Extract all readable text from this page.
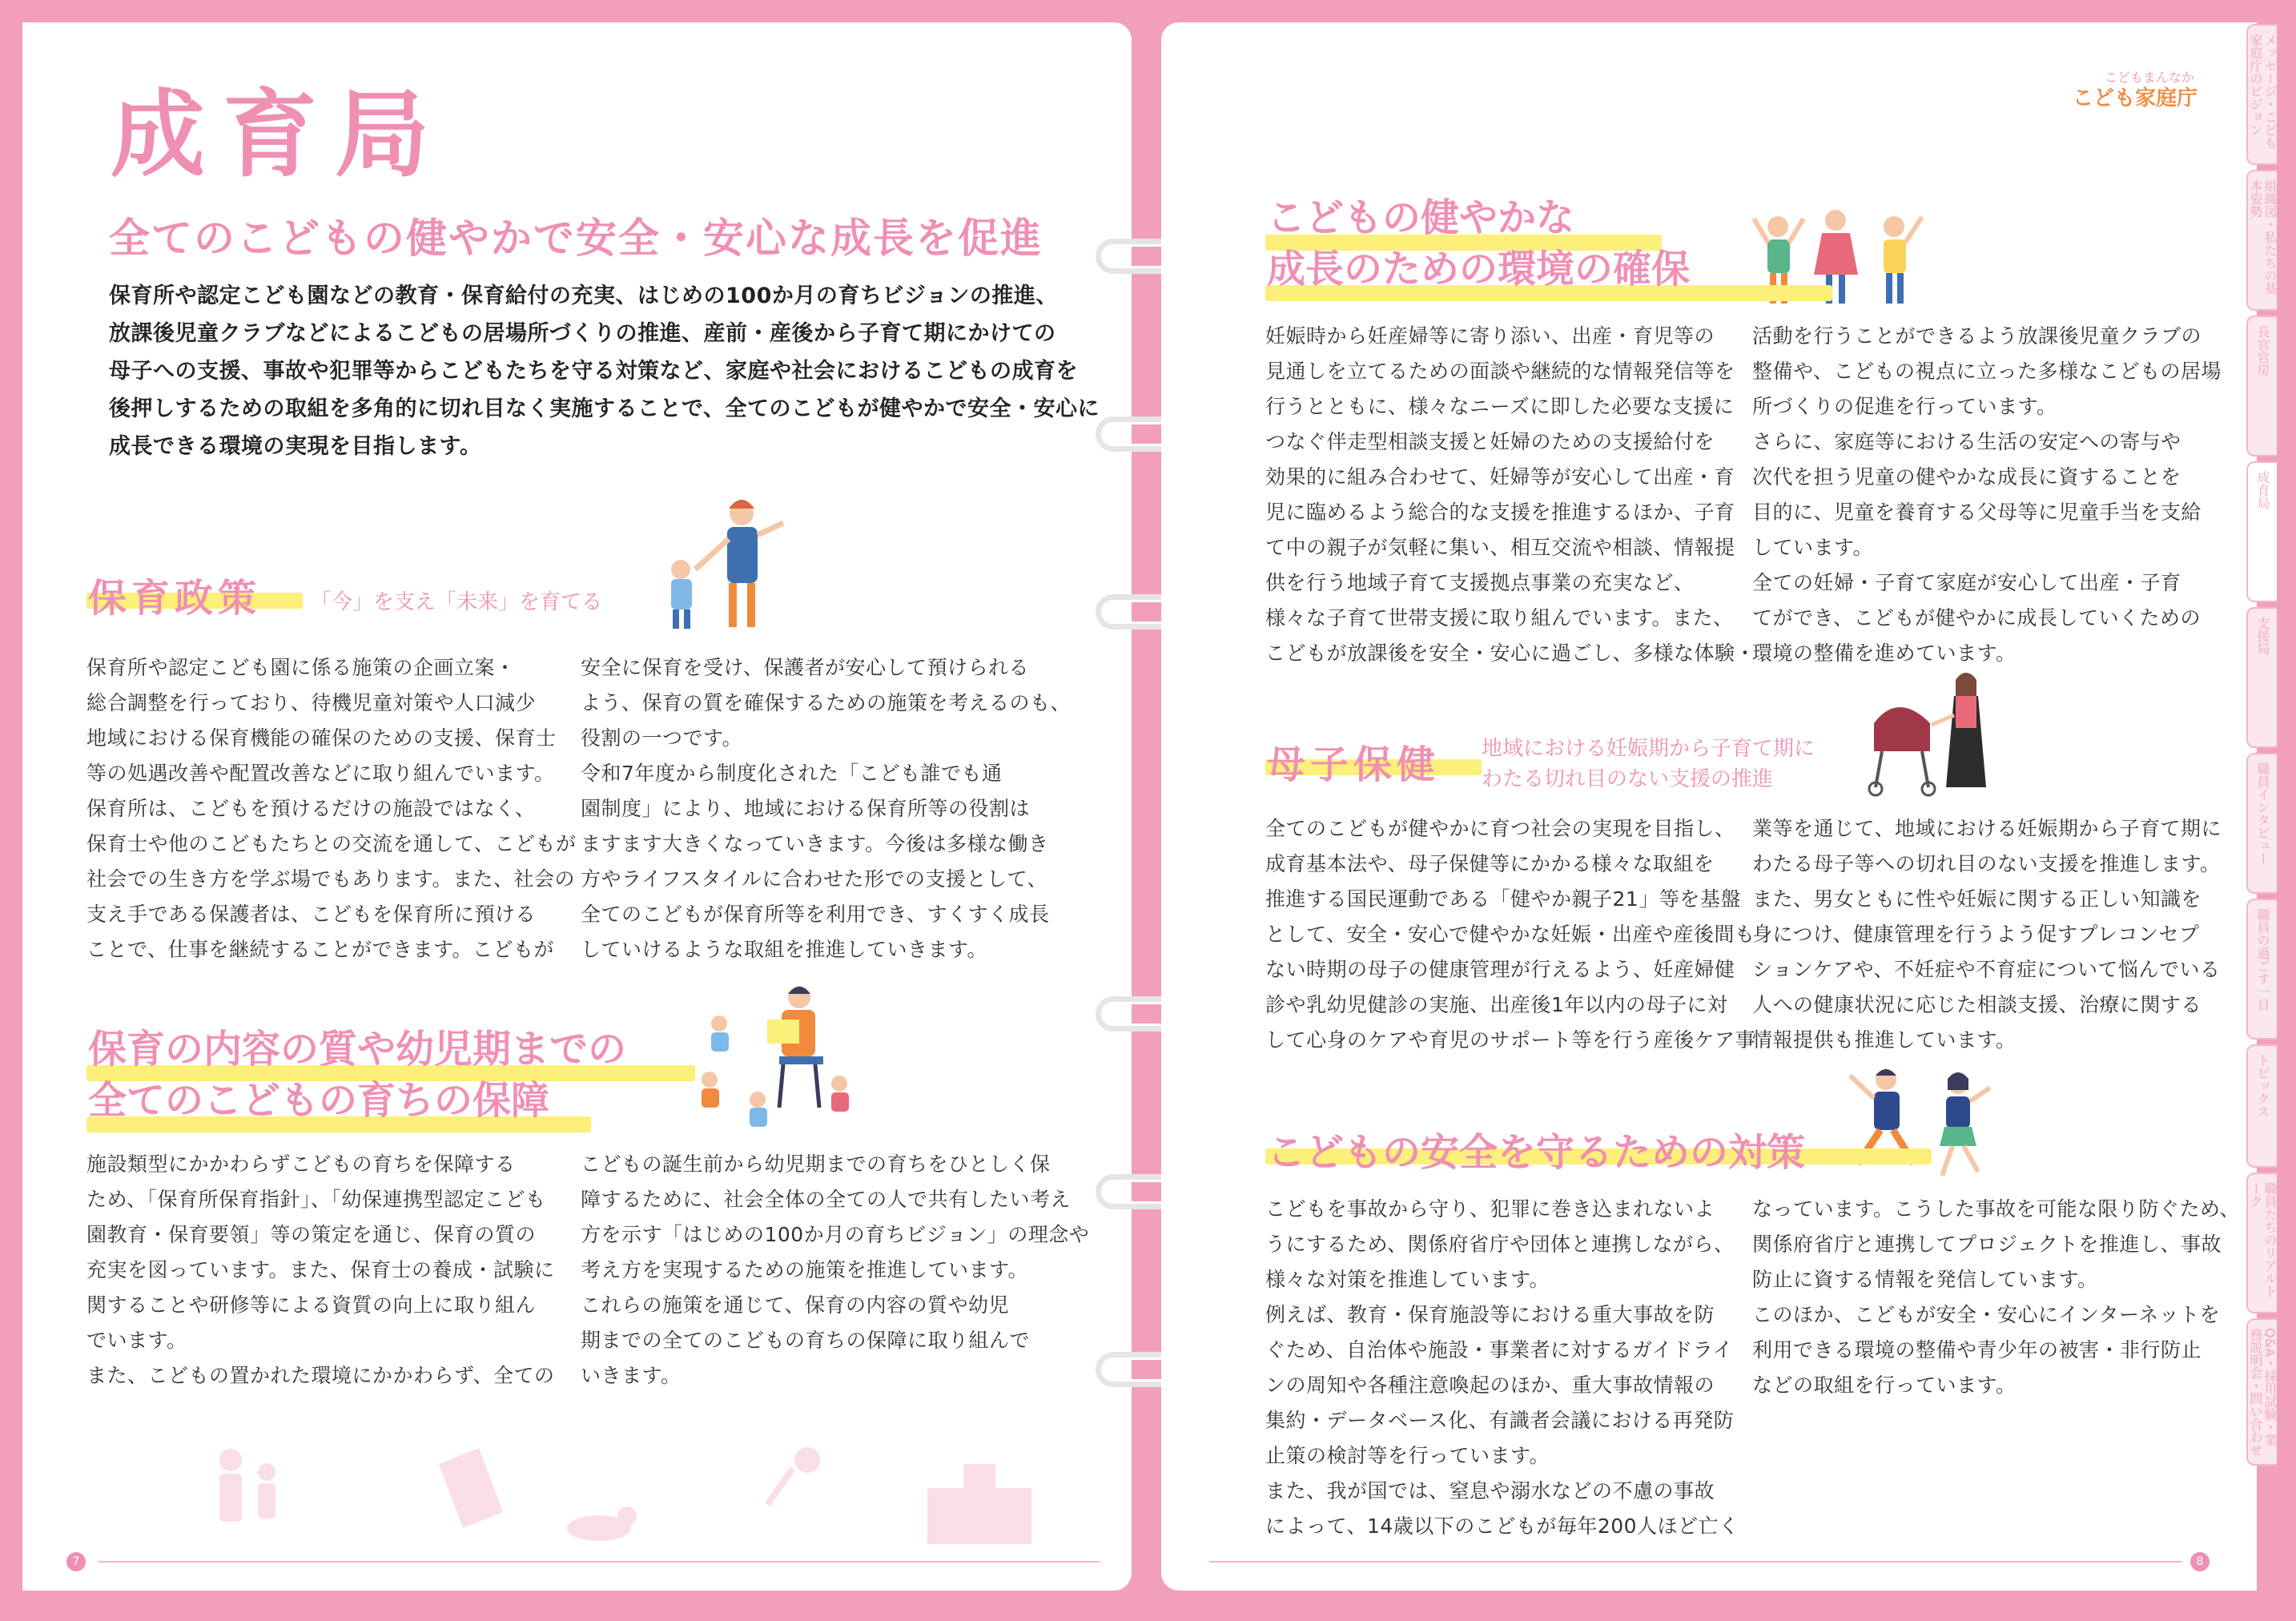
成育局
全てのこどもの健やかで安全・安心な成長を促進
保育所や認定こども園などの教育・保育給付の充実、はじめの100か月の育ちビジョンの推進、
放課後児童クラブなどによるこどもの居場所づくりの推進、産前・産後から子育て期にかけての
母子への支援、事故や犯罪等からこどもたちを守る対策など、家庭や社会におけるこどもの成育を
後押しするための取組を多角的に切れ目なく実施することで、全てのこどもが健やかで安全・安心に
成長できる環境の実現を目指します。
保育政策 「今」を支え「未来」を育てる
保育所や認定こども園に係る施策の企画立案・
総合調整を行っており、待機児童対策や人口減少
地域における保育機能の確保のための支援、保育士
等の処遇改善や配置改善などに取り組んでいます。
保育所は、こどもを預けるだけの施設ではなく、
保育士や他のこどもたちとの交流を通して、こどもが
社会での生き方を学ぶ場でもあります。また、社会の
支え手である保護者は、こどもを保育所に預ける
ことで、仕事を継続することができます。こどもが
安全に保育を受け、保護者が安心して預けられる
よう、保育の質を確保するための施策を考えるのも、
役割の一つです。
令和7年度から制度化された「こども誰でも通
園制度」により、地域における保育所等の役割は
ますます大きくなっていきます。今後は多様な働き
方やライフスタイルに合わせた形での支援として、
全てのこどもが保育所等を利用でき、すくすく成長
していけるような取組を推進していきます。
保育の内容の質や幼児期までの
全てのこどもの育ちの保障
施設類型にかかわらずこどもの育ちを保障する
ため、「保育所保育指針」、「幼保連携型認定こども
園教育・保育要領」等の策定を通じ、保育の質の
充実を図っています。また、保育士の養成・試験に
関することや研修等による資質の向上に取り組ん
でいます。
また、こどもの置かれた環境にかかわらず、全ての
こどもの誕生前から幼児期までの育ちをひとしく保
障するために、社会全体の全ての人で共有したい考え
方を示す「はじめの100か月の育ちビジョン」の理念や
考え方を実現するための施策を推進しています。
これらの施策を通じて、保育の内容の質や幼児
期までの全てのこどもの育ちの保障に取り組んで
いきます。
7
こどもまんなか
こども家庭庁
こどもの健やかな
成長のための環境の確保
妊娠時から妊産婦等に寄り添い、出産・育児等の
見通しを立てるための面談や継続的な情報発信等を
行うとともに、様々なニーズに即した必要な支援に
つなぐ伴走型相談支援と妊婦のための支援給付を
効果的に組み合わせて、妊婦等が安心して出産・育
児に臨めるよう総合的な支援を推進するほか、子育
て中の親子が気軽に集い、相互交流や相談、情報提
供を行う地域子育て支援拠点事業の充実など、
様々な子育て世帯支援に取り組んでいます。また、
こどもが放課後を安全・安心に過ごし、多様な体験・
活動を行うことができるよう放課後児童クラブの
整備や、こどもの視点に立った多様なこどもの居場
所づくりの促進を行っています。
さらに、家庭等における生活の安定への寄与や
次代を担う児童の健やかな成長に資することを
目的に、児童を養育する父母等に児童手当を支給
しています。
全ての妊婦・子育て家庭が安心して出産・子育
てができ、こどもが健やかに成長していくための
環境の整備を進めています。
母子保健 地域における妊娠期から子育て期に
わたる切れ目のない支援の推進
全てのこどもが健やかに育つ社会の実現を目指し、
成育基本法や、母子保健等にかかる様々な取組を
推進する国民運動である「健やか親子21」等を基盤
として、安全・安心で健やかな妊娠・出産や産後間も
ない時期の母子の健康管理が行えるよう、妊産婦健
診や乳幼児健診の実施、出産後1年以内の母子に対
して心身のケアや育児のサポート等を行う産後ケア事
業等を通じて、地域における妊娠期から子育て期に
わたる母子等への切れ目のない支援を推進します。
また、男女ともに性や妊娠に関する正しい知識を
身につけ、健康管理を行うよう促すプレコンセプ
ションケアや、不妊症や不育症について悩んでいる
人への健康状況に応じた相談支援、治療に関する
情報提供も推進しています。
こどもの安全を守るための対策
こどもを事故から守り、犯罪に巻き込まれないよ
うにするため、関係府省庁や団体と連携しながら、
様々な対策を推進しています。
例えば、教育・保育施設等における重大事故を防
ぐため、自治体や施設・事業者に対するガイドライ
ンの周知や各種注意喚起のほか、重大事故情報の
集約・データベース化、有識者会議における再発防
止策の検討等を行っています。
また、我が国では、窒息や溺水などの不慮の事故
によって、14歳以下のこどもが毎年200人ほど亡く
なっています。こうした事故を可能な限り防ぐため、
関係府省庁と連携してプロジェクトを推進し、事故
防止に資する情報を発信しています。
このほか、こどもが安全・安心にインターネットを
利用できる環境の整備や青少年の被害・非行防止
などの取組を行っています。
8
メッセージ・こども家庭庁のビジョン
組織図・私たちの基本姿勢
長官官房
成育局
支援局
職員インタビュー
職員の過ごす一日
トピックス
職員たちのリアルトーク
Q&A・採用試験・業務説明会・問い合わせ
